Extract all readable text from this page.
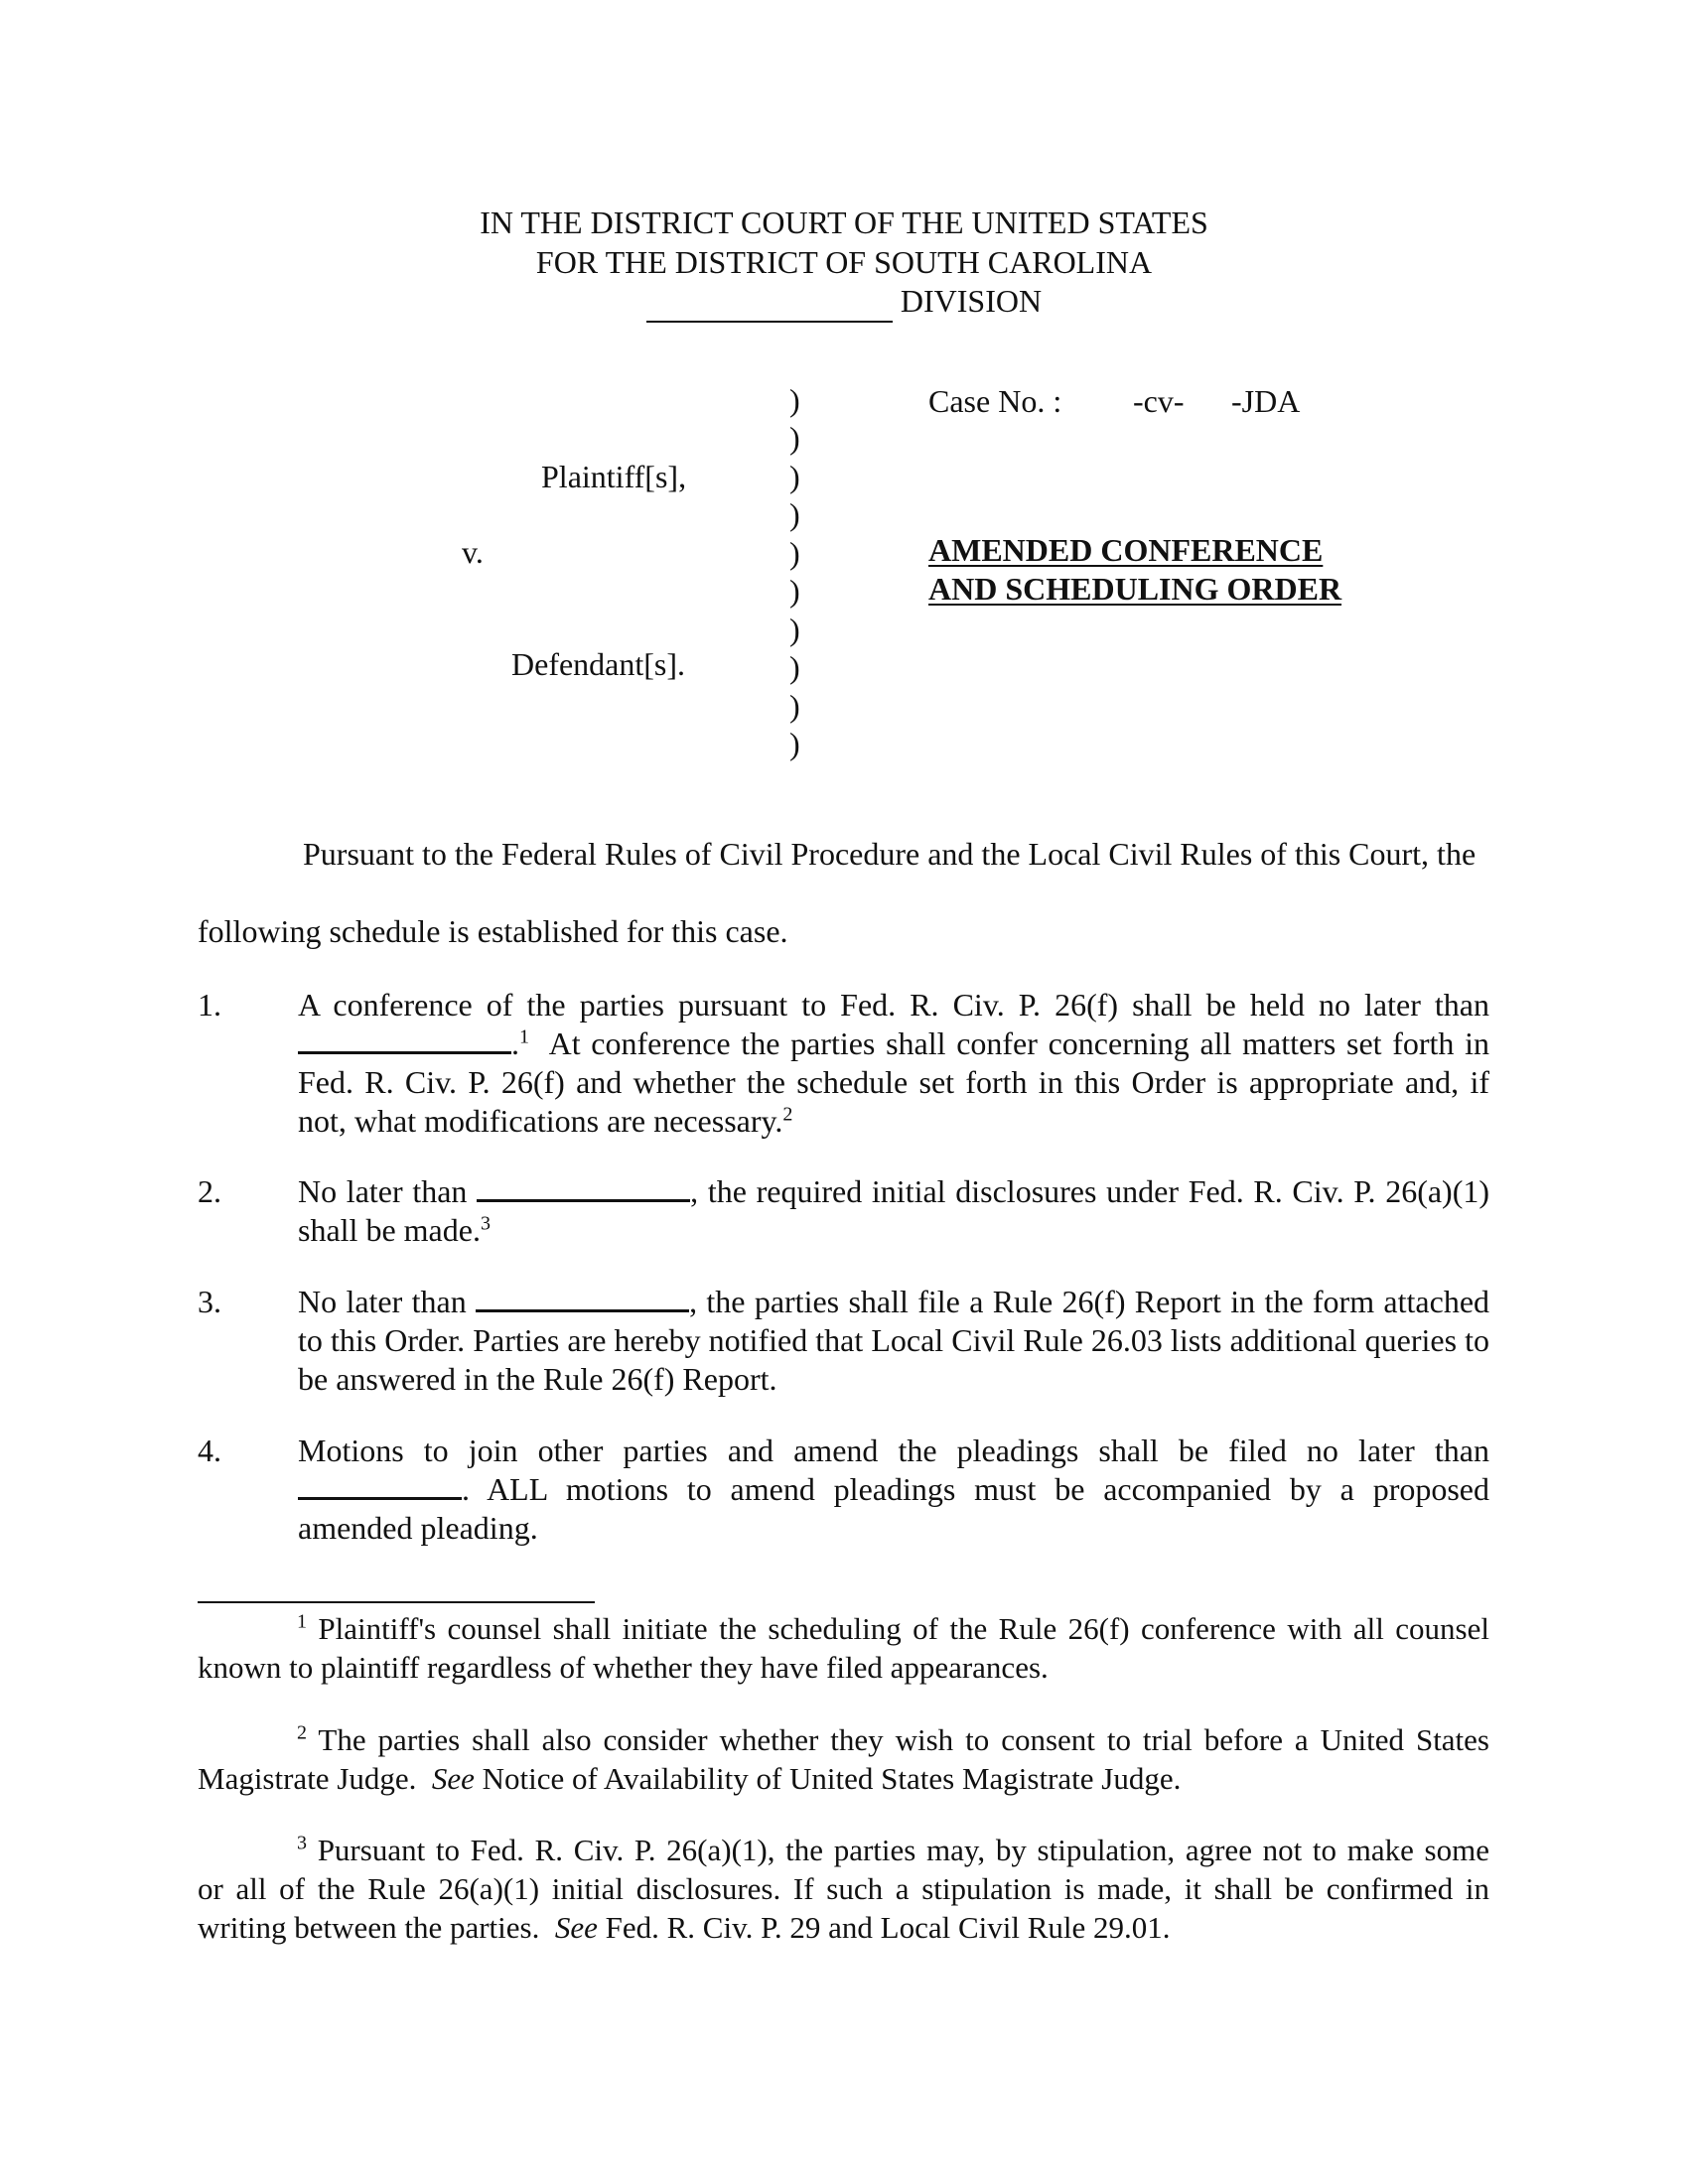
IN THE DISTRICT COURT OF THE UNITED STATES
FOR THE DISTRICT OF SOUTH CAROLINA
DIVISION
Plaintiff[s],
v.
Defendant[s].
)
)
)
)
)
)
)
)
)
)
Case No. : -cv- -JDA
AMENDED CONFERENCE
AND SCHEDULING ORDER
Pursuant to the Federal Rules of Civil Procedure and the Local Civil Rules of this Court, the
following schedule is established for this case.
1. A conference of the parties pursuant to Fed. R. Civ. P. 26(f) shall be held no later than .$^1$ At conference the parties shall confer concerning all matters set forth in Fed. R. Civ. P. 26(f) and whether the schedule set forth in this Order is appropriate and, if not, what modifications are necessary.$^2$
2. No later than	, the required initial disclosures under Fed. R. Civ. P. 26(a)(1) shall be made.$^3$
3. No later than	, the parties shall file a Rule 26(f) Report in the form attached to this Order. Parties are hereby notified that Local Civil Rule 26.03 lists additional queries to be answered in the Rule 26(f) Report.
4. Motions to join other parties and amend the pleadings shall be filed no later than . ALL motions to amend pleadings must be accompanied by a proposed amended pleading.
$^1$ Plaintiff's counsel shall initiate the scheduling of the Rule 26(f) conference with all counsel
known to plaintiff regardless of whether they have filed appearances.
$^2$ The parties shall also consider whether they wish to consent to trial before a United States
Magistrate Judge. See Notice of Availability of United States Magistrate Judge.
$^3$ Pursuant to Fed. R. Civ. P. 26(a)(1), the parties may, by stipulation, agree not to make some
or all of the Rule 26(a)(1) initial disclosures. If such a stipulation is made, it shall be confirmed in
writing between the parties. See Fed. R. Civ. P. 29 and Local Civil Rule 29.01.
